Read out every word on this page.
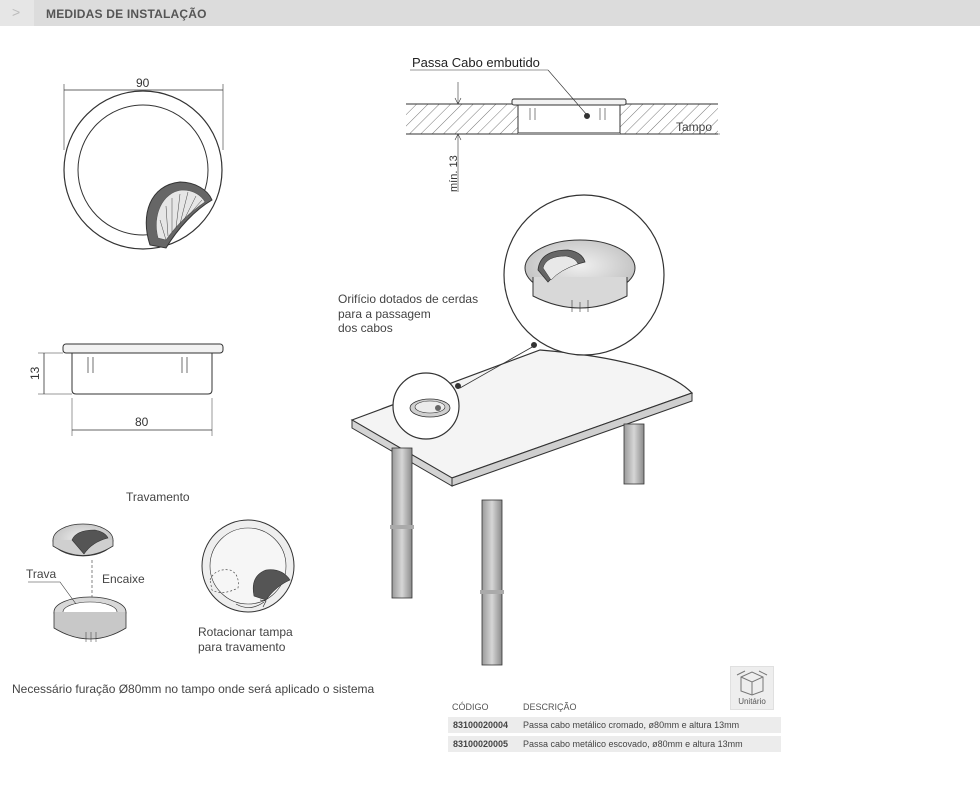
> MEDIDAS DE INSTALAÇÃO
90
13
80
mín. 13
Passa Cabo embutido
Tampo
Orifício dotados de cerdas
para a passagem
dos cabos
Travamento
Trava	Encaixe
Rotacionar tampa
para travamento
Necessário furação Ø80mm no tampo onde será aplicado o sistema
Unitário
CÓDIGO	DESCRIÇÃO
83100020004 Passa cabo metálico cromado, ø80mm e altura 13mm
83100020005 Passa cabo metálico escovado, ø80mm e altura 13mm
